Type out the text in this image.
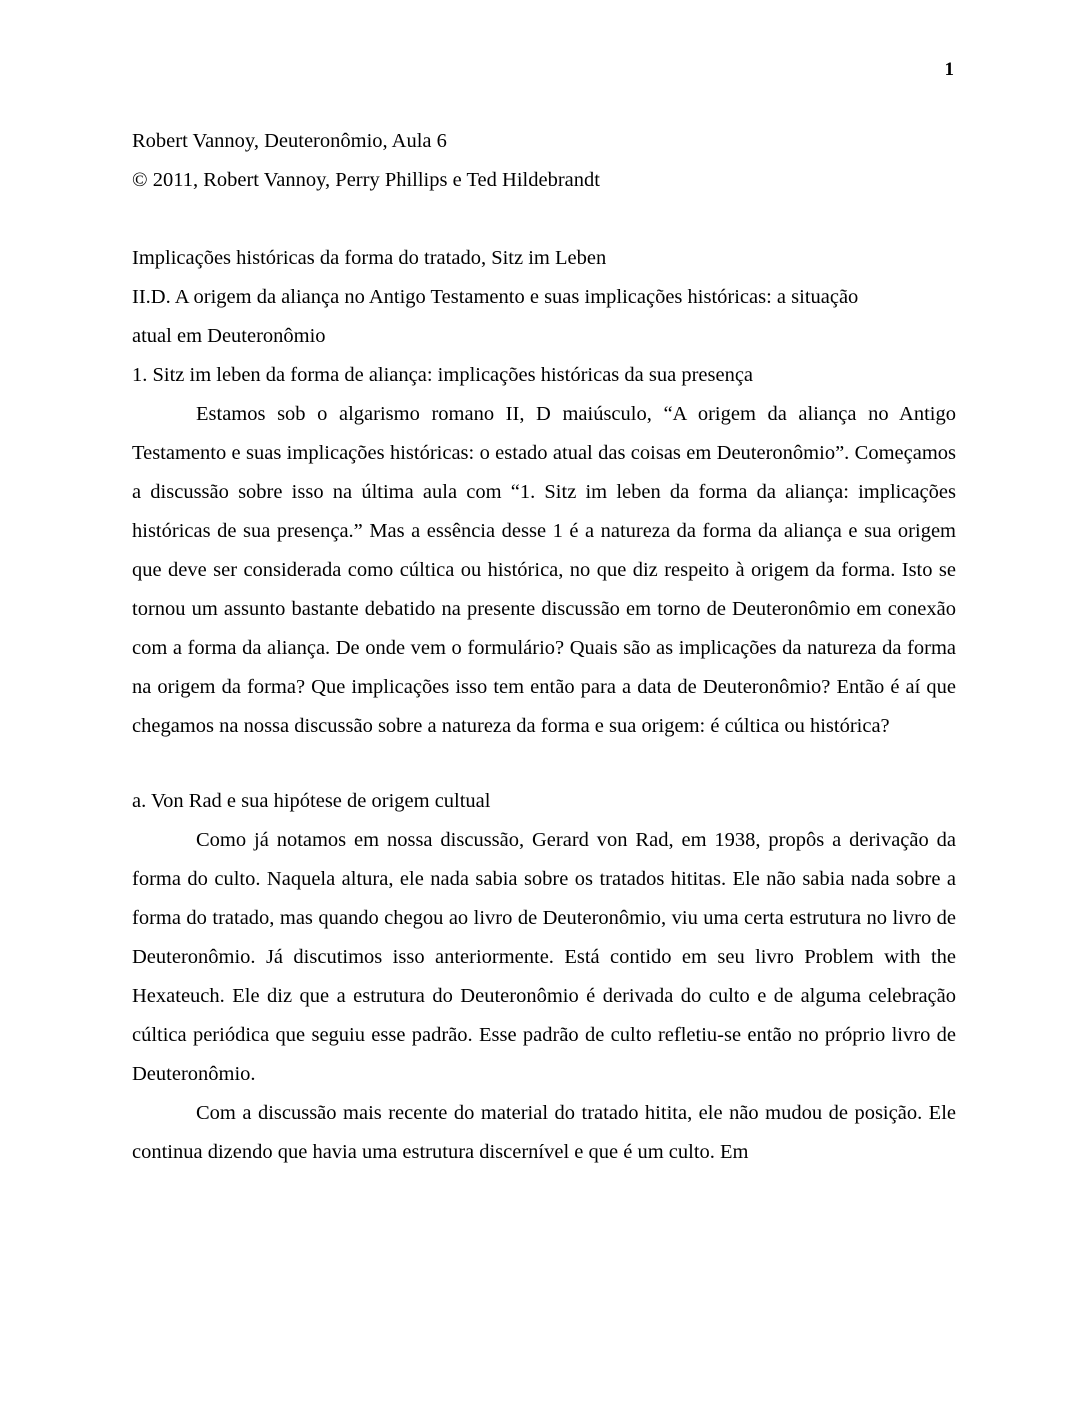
1
Robert Vannoy, Deuteronômio, Aula 6
© 2011, Robert Vannoy, Perry Phillips e Ted Hildebrandt
Implicações históricas da forma do tratado, Sitz im Leben
II.D. A origem da aliança no Antigo Testamento e suas implicações históricas: a situação
atual em Deuteronômio
1. Sitz im leben da forma de aliança: implicações históricas da sua presença

Estamos sob o algarismo romano II, D maiúsculo, “A origem da aliança no Antigo Testamento e suas implicações históricas: o estado atual das coisas em Deuteronômio”. Começamos a discussão sobre isso na última aula com “1. Sitz im leben da forma da aliança: implicações históricas de sua presença.” Mas a essência desse 1 é a natureza da forma da aliança e sua origem que deve ser considerada como cúltica ou histórica, no que diz respeito à origem da forma. Isto se tornou um assunto bastante debatido na presente discussão em torno de Deuteronômio em conexão com a forma da aliança. De onde vem o formulário? Quais são as implicações da natureza da forma na origem da forma? Que implicações isso tem então para a data de Deuteronômio? Então é aí que chegamos na nossa discussão sobre a natureza da forma e sua origem: é cúltica ou histórica?

a. Von Rad e sua hipótese de origem cultual

Como já notamos em nossa discussão, Gerard von Rad, em 1938, propôs a derivação da forma do culto. Naquela altura, ele nada sabia sobre os tratados hititas. Ele não sabia nada sobre a forma do tratado, mas quando chegou ao livro de Deuteronômio, viu uma certa estrutura no livro de Deuteronômio. Já discutimos isso anteriormente. Está contido em seu livro Problem with the Hexateuch. Ele diz que a estrutura do Deuteronômio é derivada do culto e de alguma celebração cúltica periódica que seguiu esse padrão. Esse padrão de culto refletiu-se então no próprio livro de Deuteronômio.

Com a discussão mais recente do material do tratado hitita, ele não mudou de posição. Ele continua dizendo que havia uma estrutura discernível e que é um culto. Em
